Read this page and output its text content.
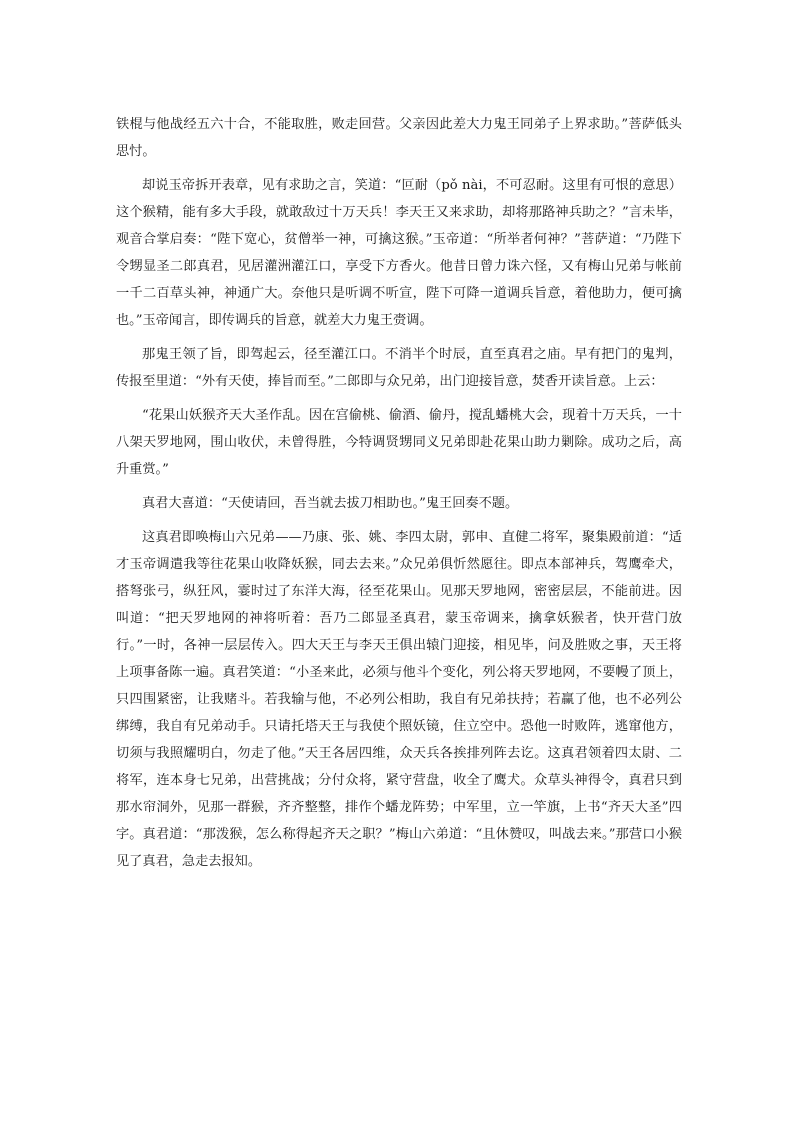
铁棍与他战经五六十合，不能取胜，败走回营。父亲因此差大力鬼王同弟子上界求助。”菩萨低头思忖。

却说玉帝拆开表章，见有求助之言，笑道：“叵耐（pǒ nài，不可忍耐。这里有可恨的意思）这个猴精，能有多大手段，就敢敌过十万天兵！李天王又来求助，却将那路神兵助之？”言未毕，观音合掌启奏：“陛下宽心，贫僧举一神，可擒这猴。”玉帝道：“所举者何神？”菩萨道：“乃陛下令甥显圣二郎真君，见居灌洲灌江口，享受下方香火。他昔日曾力诛六怪，又有梅山兄弟与帐前一千二百草头神，神通广大。奈他只是听调不听宣，陛下可降一道调兵旨意，着他助力，便可擒也。”玉帝闻言，即传调兵的旨意，就差大力鬼王赍调。

那鬼王领了旨，即驾起云，径至灌江口。不消半个时辰，直至真君之庙。早有把门的鬼判，传报至里道：“外有天使，捧旨而至。”二郎即与众兄弟，出门迎接旨意，焚香开读旨意。上云：

“花果山妖猴齐天大圣作乱。因在宫偷桃、偷酒、偷丹，搅乱蟠桃大会，现着十万天兵，一十八架天罗地网，围山收伏，未曾得胜，今特调贤甥同义兄弟即赴花果山助力剿除。成功之后，高升重赏。”

真君大喜道：“天使请回，吾当就去拔刀相助也。”鬼王回奏不题。

这真君即唤梅山六兄弟——乃康、张、姚、李四太尉，郭申、直健二将军，聚集殿前道：“适才玉帝调遣我等往花果山收降妖猴，同去去来。”众兄弟俱忻然愿往。即点本部神兵，驾鹰牵犬，搭弩张弓，纵狂风，霎时过了东洋大海，径至花果山。见那天罗地网，密密层层，不能前进。因叫道：“把天罗地网的神将听着：吾乃二郎显圣真君，蒙玉帝调来，擒拿妖猴者，快开营门放行。”一时，各神一层层传入。四大天王与李天王俱出辕门迎接，相见毕，问及胜败之事，天王将上项事备陈一遍。真君笑道：“小圣来此，必须与他斗个变化，列公将天罗地网，不要幔了顶上，只四围紧密，让我赌斗。若我输与他，不必列公相助，我自有兄弟扶持；若赢了他，也不必列公绑缚，我自有兄弟动手。只请托塔天王与我使个照妖镜，住立空中。恐他一时败阵，逃窜他方，切须与我照耀明白，勿走了他。”天王各居四维，众天兵各挨排列阵去讫。这真君领着四太尉、二将军，连本身七兄弟，出营挑战；分付众将，紧守营盘，收全了鹰犬。众草头神得令，真君只到那水帘洞外，见那一群猴，齐齐整整，排作个蟠龙阵势；中军里，立一竿旗，上书“齐天大圣”四字。真君道：“那泼猴，怎么称得起齐天之职？”梅山六弟道：“且休赞叹，叫战去来。”那营口小猴见了真君，急走去报知。
